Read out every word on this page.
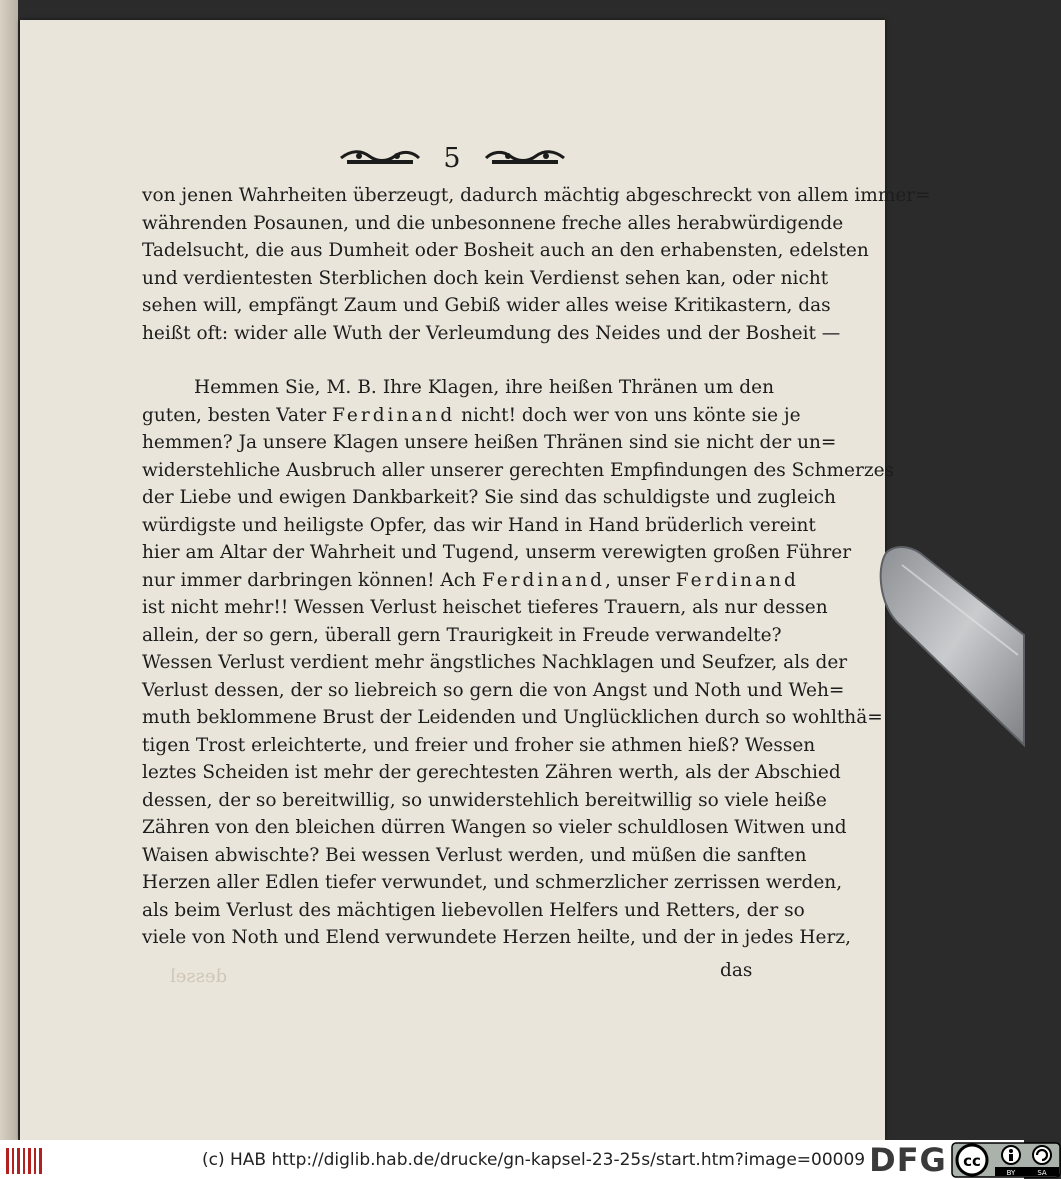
5
von jenen Wahrheiten überzeugt, dadurch mächtig abgeschreckt von allem immer=
währenden Posaunen, und die unbesonnene freche alles herabwürdigende
Tadelsucht, die aus Dumheit oder Bosheit auch an den erhabensten, edelsten
und verdientesten Sterblichen doch kein Verdienst sehen kan, oder nicht
sehen will, empfängt Zaum und Gebiß wider alles weise Kritikastern, das
heißt oft: wider alle Wuth der Verleumdung des Neides und der Bosheit —
Hemmen Sie, M. B. Ihre Klagen, ihre heißen Thränen um den
guten, besten Vater Ferdinand nicht! doch wer von uns könte sie je
hemmen? Ja unsere Klagen unsere heißen Thränen sind sie nicht der un=
widerstehliche Ausbruch aller unserer gerechten Empfindungen des Schmerzes
der Liebe und ewigen Dankbarkeit? Sie sind das schuldigste und zugleich
würdigste und heiligste Opfer, das wir Hand in Hand brüderlich vereint
hier am Altar der Wahrheit und Tugend, unserm verewigten großen Führer
nur immer darbringen können! Ach Ferdinand, unser Ferdinand
ist nicht mehr!! Wessen Verlust heischet tieferes Trauern, als nur dessen
allein, der so gern, überall gern Traurigkeit in Freude verwandelte?
Wessen Verlust verdient mehr ängstliches Nachklagen und Seufzer, als der
Verlust dessen, der so liebreich so gern die von Angst und Noth und Weh=
muth beklommene Brust der Leidenden und Unglücklichen durch so wohlthä=
tigen Trost erleichterte, und freier und froher sie athmen hieß? Wessen
leztes Scheiden ist mehr der gerechtesten Zähren werth, als der Abschied
dessen, der so bereitwillig, so unwiderstehlich bereitwillig so viele heiße
Zähren von den bleichen dürren Wangen so vieler schuldlosen Witwen und
Waisen abwischte? Bei wessen Verlust werden, und müßen die sanften
Herzen aller Edlen tiefer verwundet, und schmerzlicher zerrissen werden,
als beim Verlust des mächtigen liebevollen Helfers und Retters, der so
viele von Noth und Elend verwundete Herzen heilte, und der in jedes Herz,
dessel	das
(c) HAB http://diglib.hab.de/drucke/gn-kapsel-23-25s/start.htm?image=00009 DFG cc
BY	SA
